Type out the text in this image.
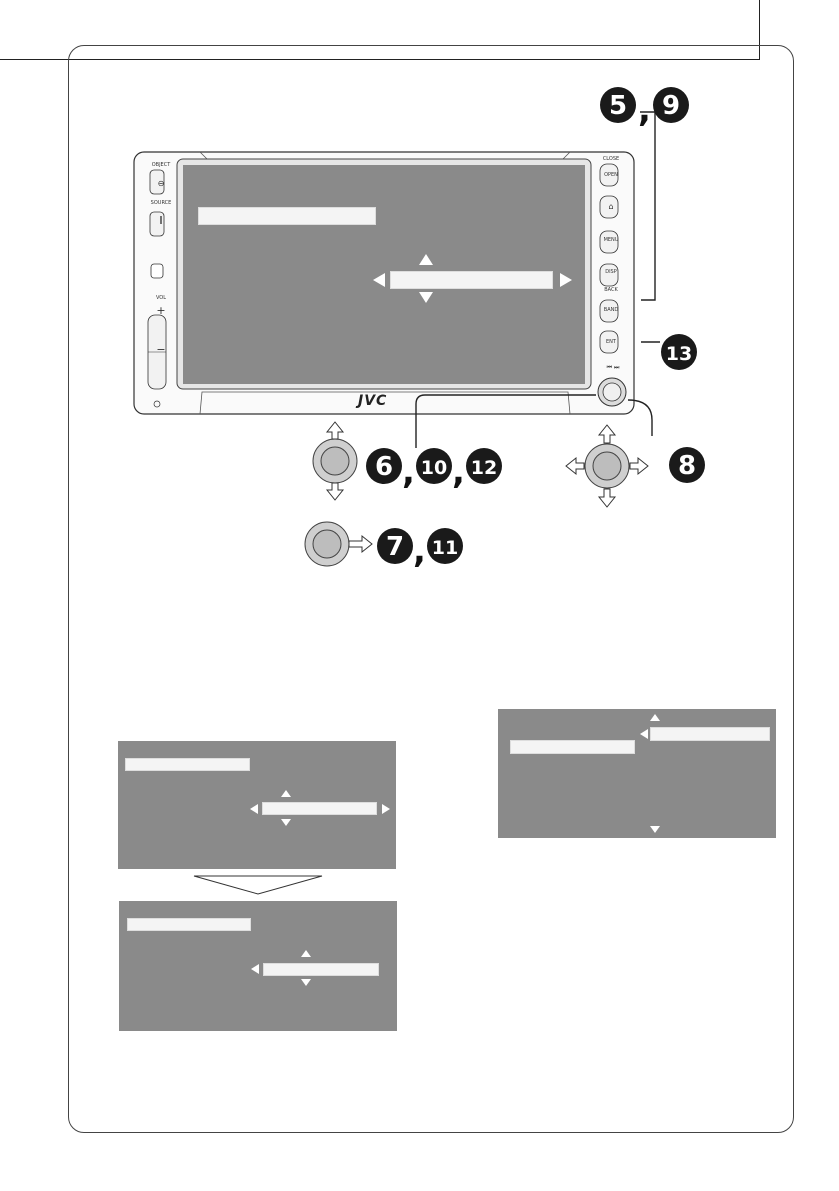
OBJECT
⊖
SOURCE
‖
VOL
+
−
CLOSE
OPEN
⌂
MENU
DISP
BACK
BAND
ENT
⏮ ⏭
JVC
5 , 9
13
6 , 10 , 12	8
7 , 11
